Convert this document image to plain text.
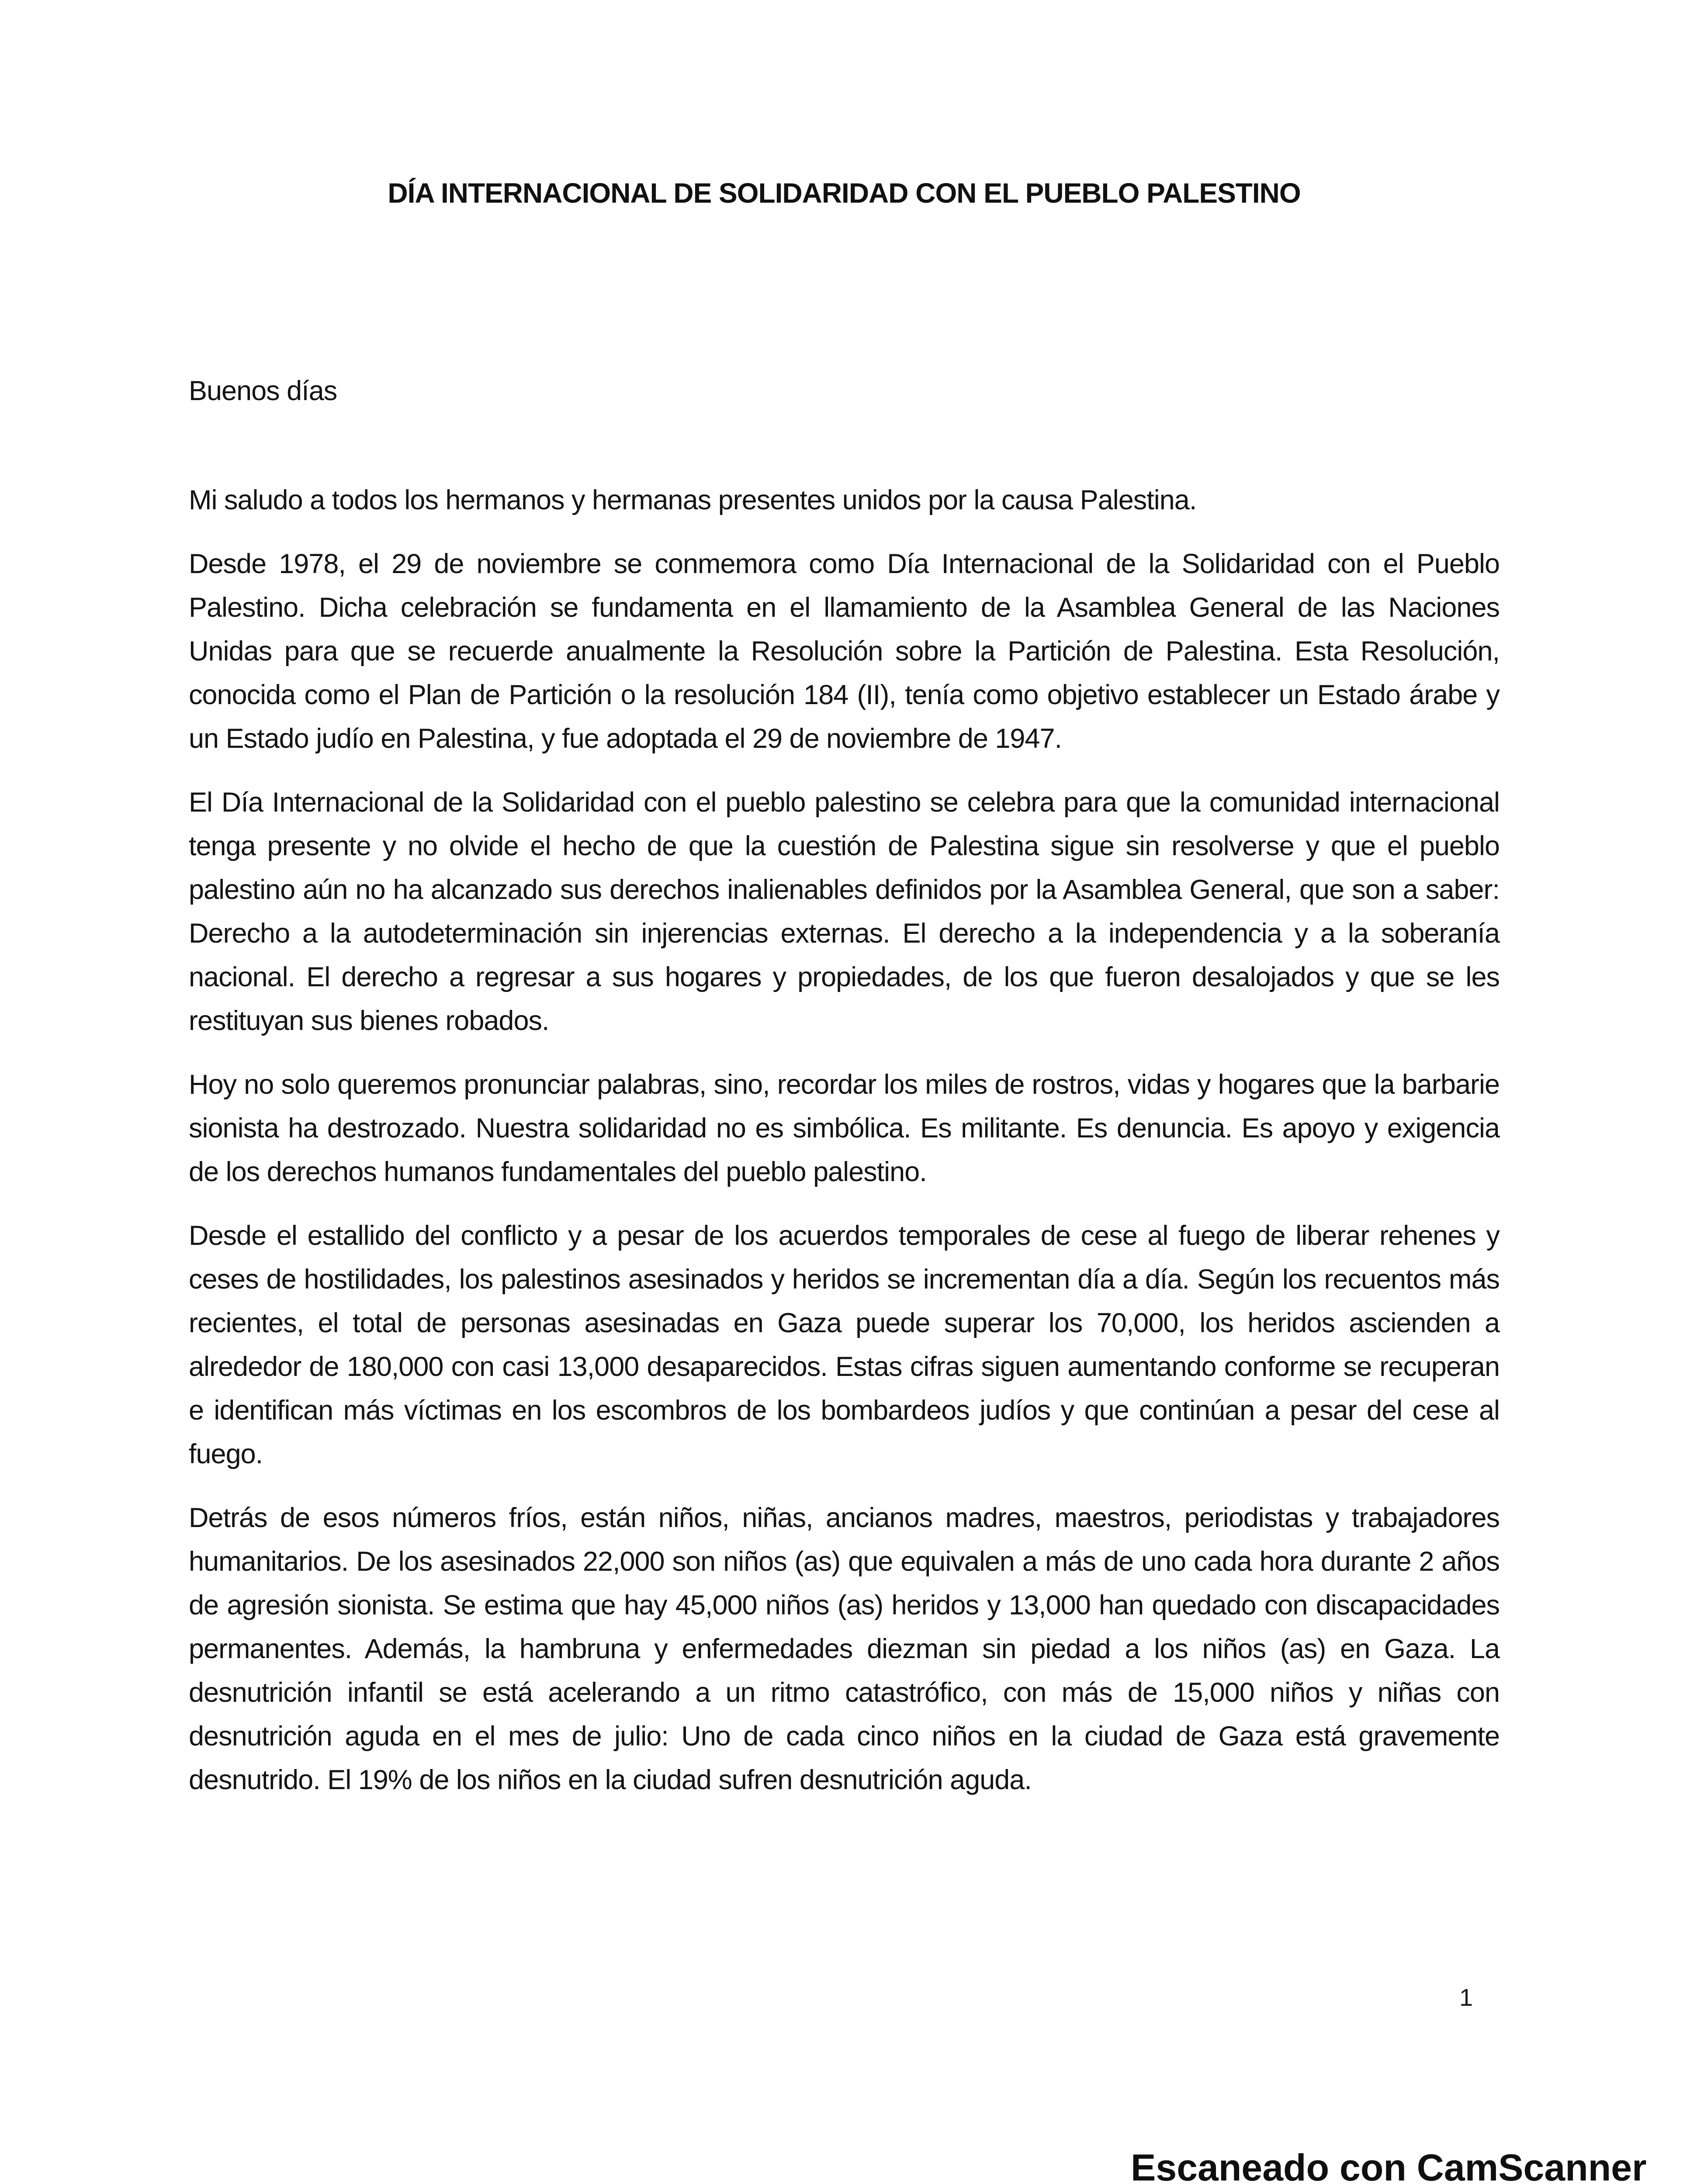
DÍA INTERNACIONAL DE SOLIDARIDAD CON EL PUEBLO PALESTINO

Buenos días

Mi saludo a todos los hermanos y hermanas presentes unidos por la causa Palestina.

Desde 1978, el 29 de noviembre se conmemora como Día Internacional de la Solidaridad con el Pueblo Palestino. Dicha celebración se fundamenta en el llamamiento de la Asamblea General de las Naciones Unidas para que se recuerde anualmente la Resolución sobre la Partición de Palestina. Esta Resolución, conocida como el Plan de Partición o la resolución 184 (II), tenía como objetivo establecer un Estado árabe y un Estado judío en Palestina, y fue adoptada el 29 de noviembre de 1947.

El Día Internacional de la Solidaridad con el pueblo palestino se celebra para que la comunidad internacional tenga presente y no olvide el hecho de que la cuestión de Palestina sigue sin resolverse y que el pueblo palestino aún no ha alcanzado sus derechos inalienables definidos por la Asamblea General, que son a saber: Derecho a la autodeterminación sin injerencias externas. El derecho a la independencia y a la soberanía nacional. El derecho a regresar a sus hogares y propiedades, de los que fueron desalojados y que se les restituyan sus bienes robados.

Hoy no solo queremos pronunciar palabras, sino, recordar los miles de rostros, vidas y hogares que la barbarie sionista ha destrozado. Nuestra solidaridad no es simbólica. Es militante. Es denuncia. Es apoyo y exigencia de los derechos humanos fundamentales del pueblo palestino.

Desde el estallido del conflicto y a pesar de los acuerdos temporales de cese al fuego de liberar rehenes y ceses de hostilidades, los palestinos asesinados y heridos se incrementan día a día. Según los recuentos más recientes, el total de personas asesinadas en Gaza puede superar los 70,000, los heridos ascienden a alrededor de 180,000 con casi 13,000 desaparecidos. Estas cifras siguen aumentando conforme se recuperan e identifican más víctimas en los escombros de los bombardeos judíos y que continúan a pesar del cese al fuego.

Detrás de esos números fríos, están niños, niñas, ancianos madres, maestros, periodistas y trabajadores humanitarios. De los asesinados 22,000 son niños (as) que equivalen a más de uno cada hora durante 2 años de agresión sionista. Se estima que hay 45,000 niños (as) heridos y 13,000 han quedado con discapacidades permanentes. Además, la hambruna y enfermedades diezman sin piedad a los niños (as) en Gaza. La desnutrición infantil se está acelerando a un ritmo catastrófico, con más de 15,000 niños y niñas con desnutrición aguda en el mes de julio: Uno de cada cinco niños en la ciudad de Gaza está gravemente desnutrido. El 19% de los niños en la ciudad sufren desnutrición aguda.

1
Escaneado con CamScanner
